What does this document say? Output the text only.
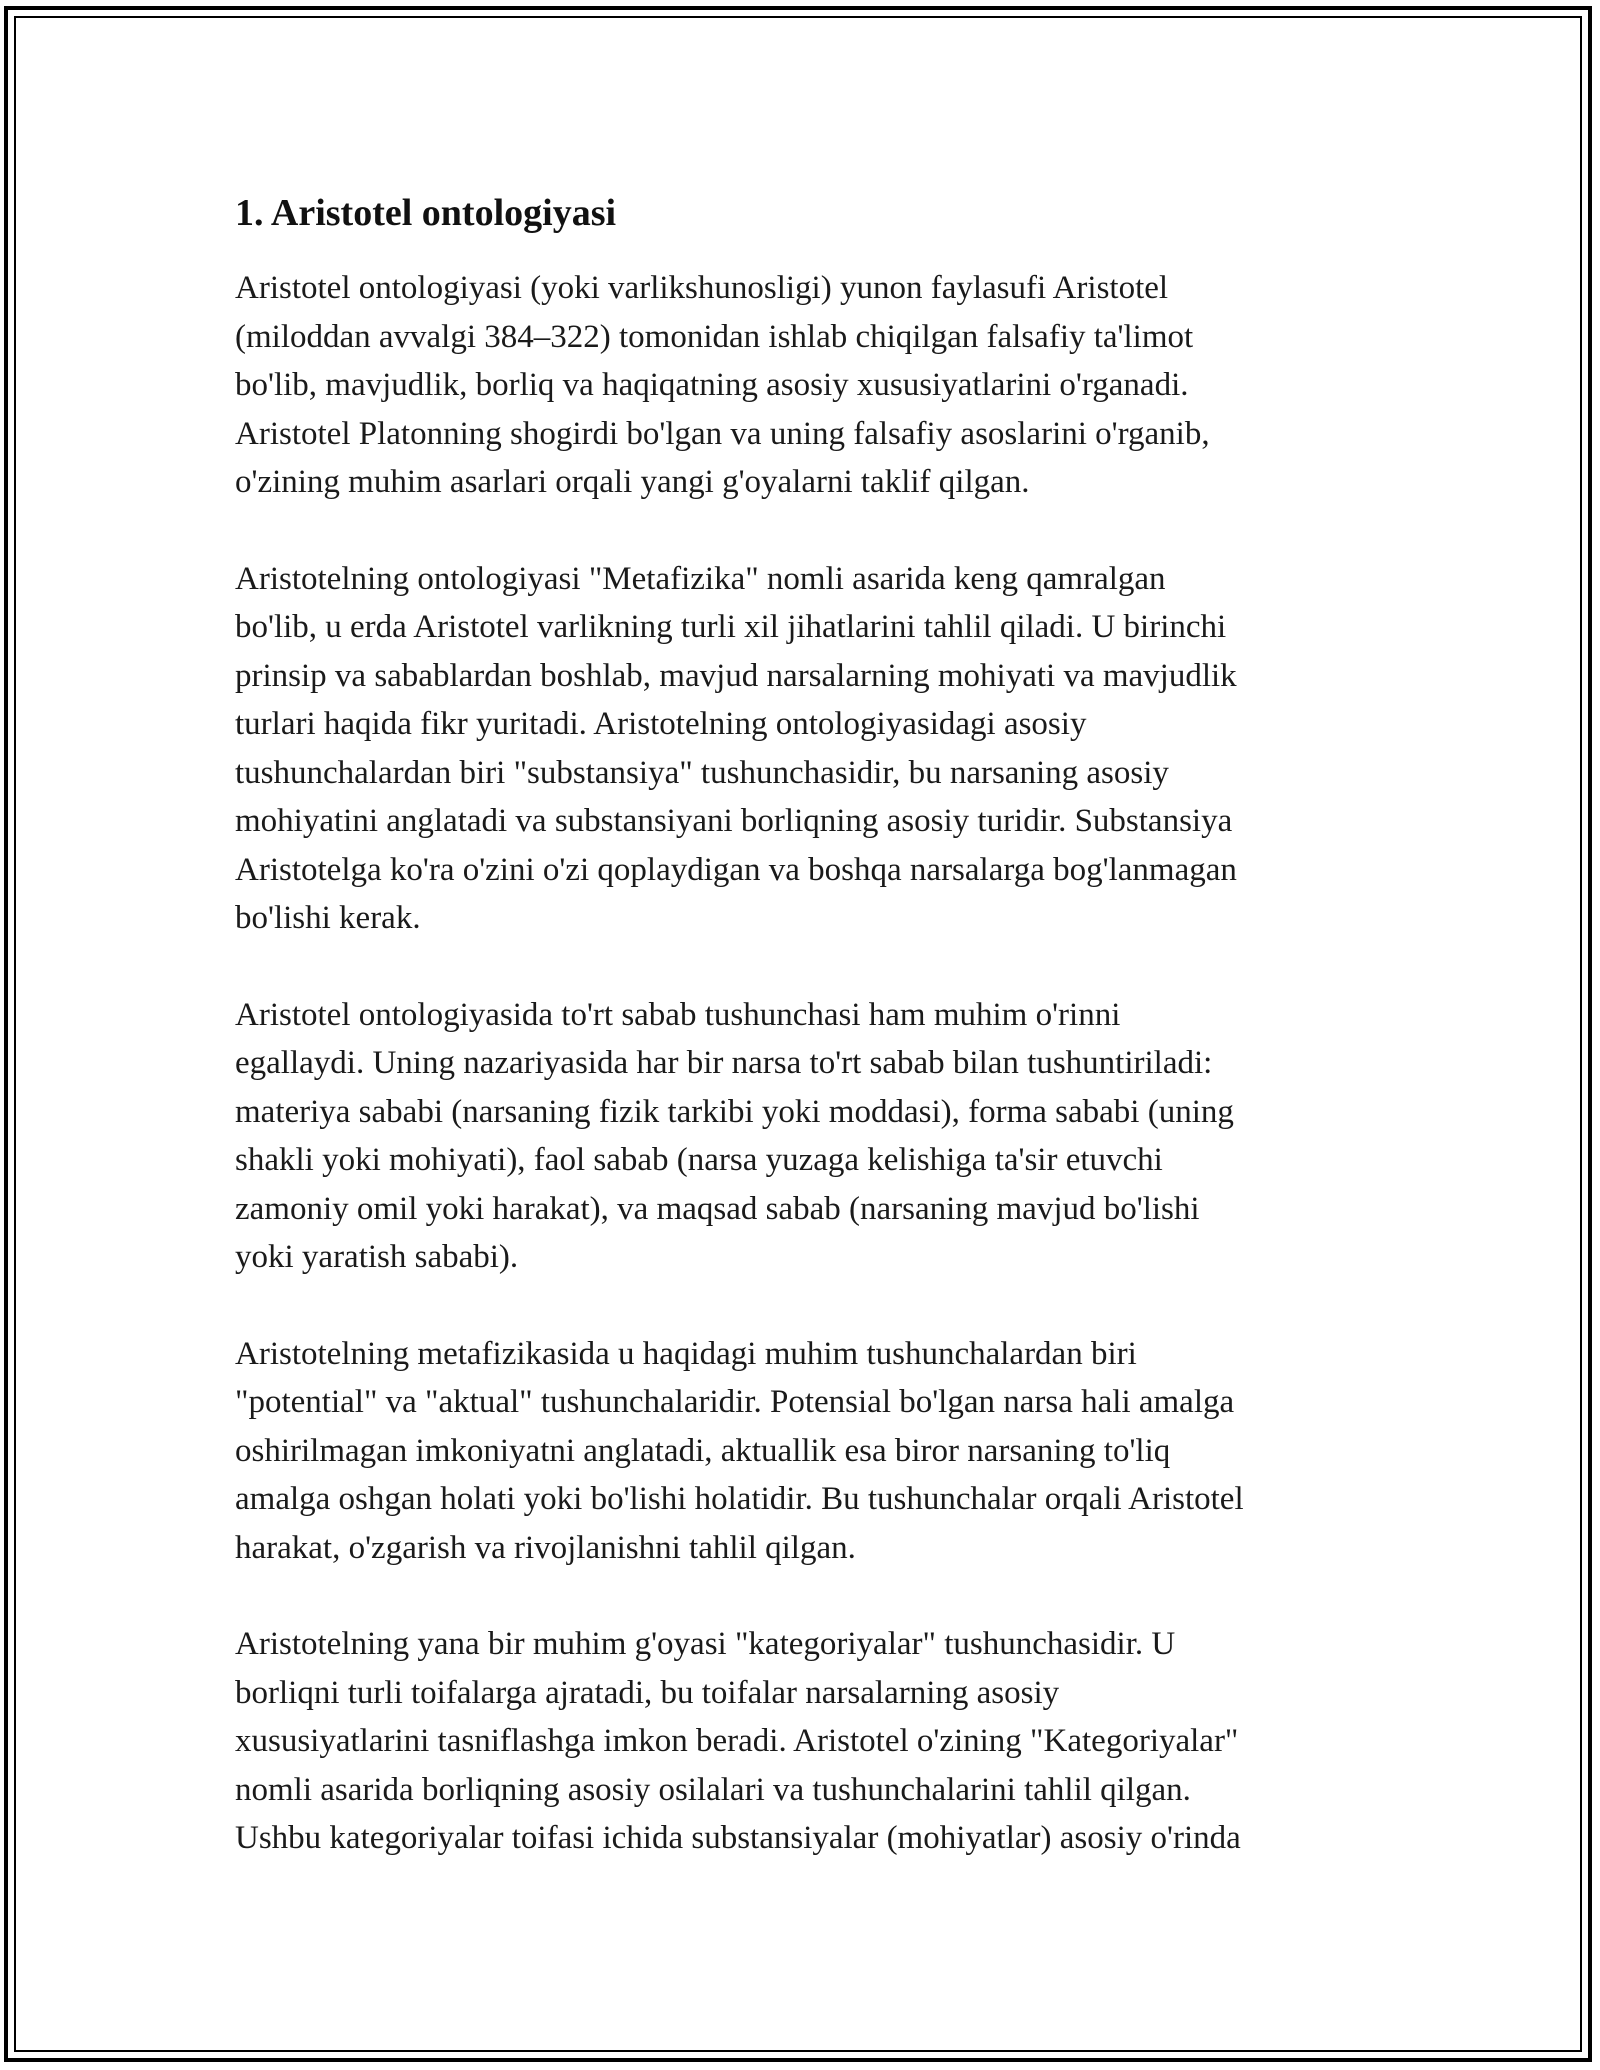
1. Aristotel ontologiyasi

Aristotel ontologiyasi (yoki varlikshunosligi) yunon faylasufi Aristotel
(miloddan avvalgi 384–322) tomonidan ishlab chiqilgan falsafiy ta'limot
bo'lib, mavjudlik, borliq va haqiqatning asosiy xususiyatlarini o'rganadi.
Aristotel Platonning shogirdi bo'lgan va uning falsafiy asoslarini o'rganib,
o'zining muhim asarlari orqali yangi g'oyalarni taklif qilgan.

Aristotelning ontologiyasi "Metafizika" nomli asarida keng qamralgan
bo'lib, u erda Aristotel varlikning turli xil jihatlarini tahlil qiladi. U birinchi
prinsip va sabablardan boshlab, mavjud narsalarning mohiyati va mavjudlik
turlari haqida fikr yuritadi. Aristotelning ontologiyasidagi asosiy
tushunchalardan biri "substansiya" tushunchasidir, bu narsaning asosiy
mohiyatini anglatadi va substansiyani borliqning asosiy turidir. Substansiya
Aristotelga ko'ra o'zini o'zi qoplaydigan va boshqa narsalarga bog'lanmagan
bo'lishi kerak.

Aristotel ontologiyasida to'rt sabab tushunchasi ham muhim o'rinni
egallaydi. Uning nazariyasida har bir narsa to'rt sabab bilan tushuntiriladi:
materiya sababi (narsaning fizik tarkibi yoki moddasi), forma sababi (uning
shakli yoki mohiyati), faol sabab (narsa yuzaga kelishiga ta'sir etuvchi
zamoniy omil yoki harakat), va maqsad sabab (narsaning mavjud bo'lishi
yoki yaratish sababi).

Aristotelning metafizikasida u haqidagi muhim tushunchalardan biri
"potential" va "aktual" tushunchalaridir. Potensial bo'lgan narsa hali amalga
oshirilmagan imkoniyatni anglatadi, aktuallik esa biror narsaning to'liq
amalga oshgan holati yoki bo'lishi holatidir. Bu tushunchalar orqali Aristotel
harakat, o'zgarish va rivojlanishni tahlil qilgan.

Aristotelning yana bir muhim g'oyasi "kategoriyalar" tushunchasidir. U
borliqni turli toifalarga ajratadi, bu toifalar narsalarning asosiy
xususiyatlarini tasniflashga imkon beradi. Aristotel o'zining "Kategoriyalar"
nomli asarida borliqning asosiy osilalari va tushunchalarini tahlil qilgan.
Ushbu kategoriyalar toifasi ichida substansiyalar (mohiyatlar) asosiy o'rinda
